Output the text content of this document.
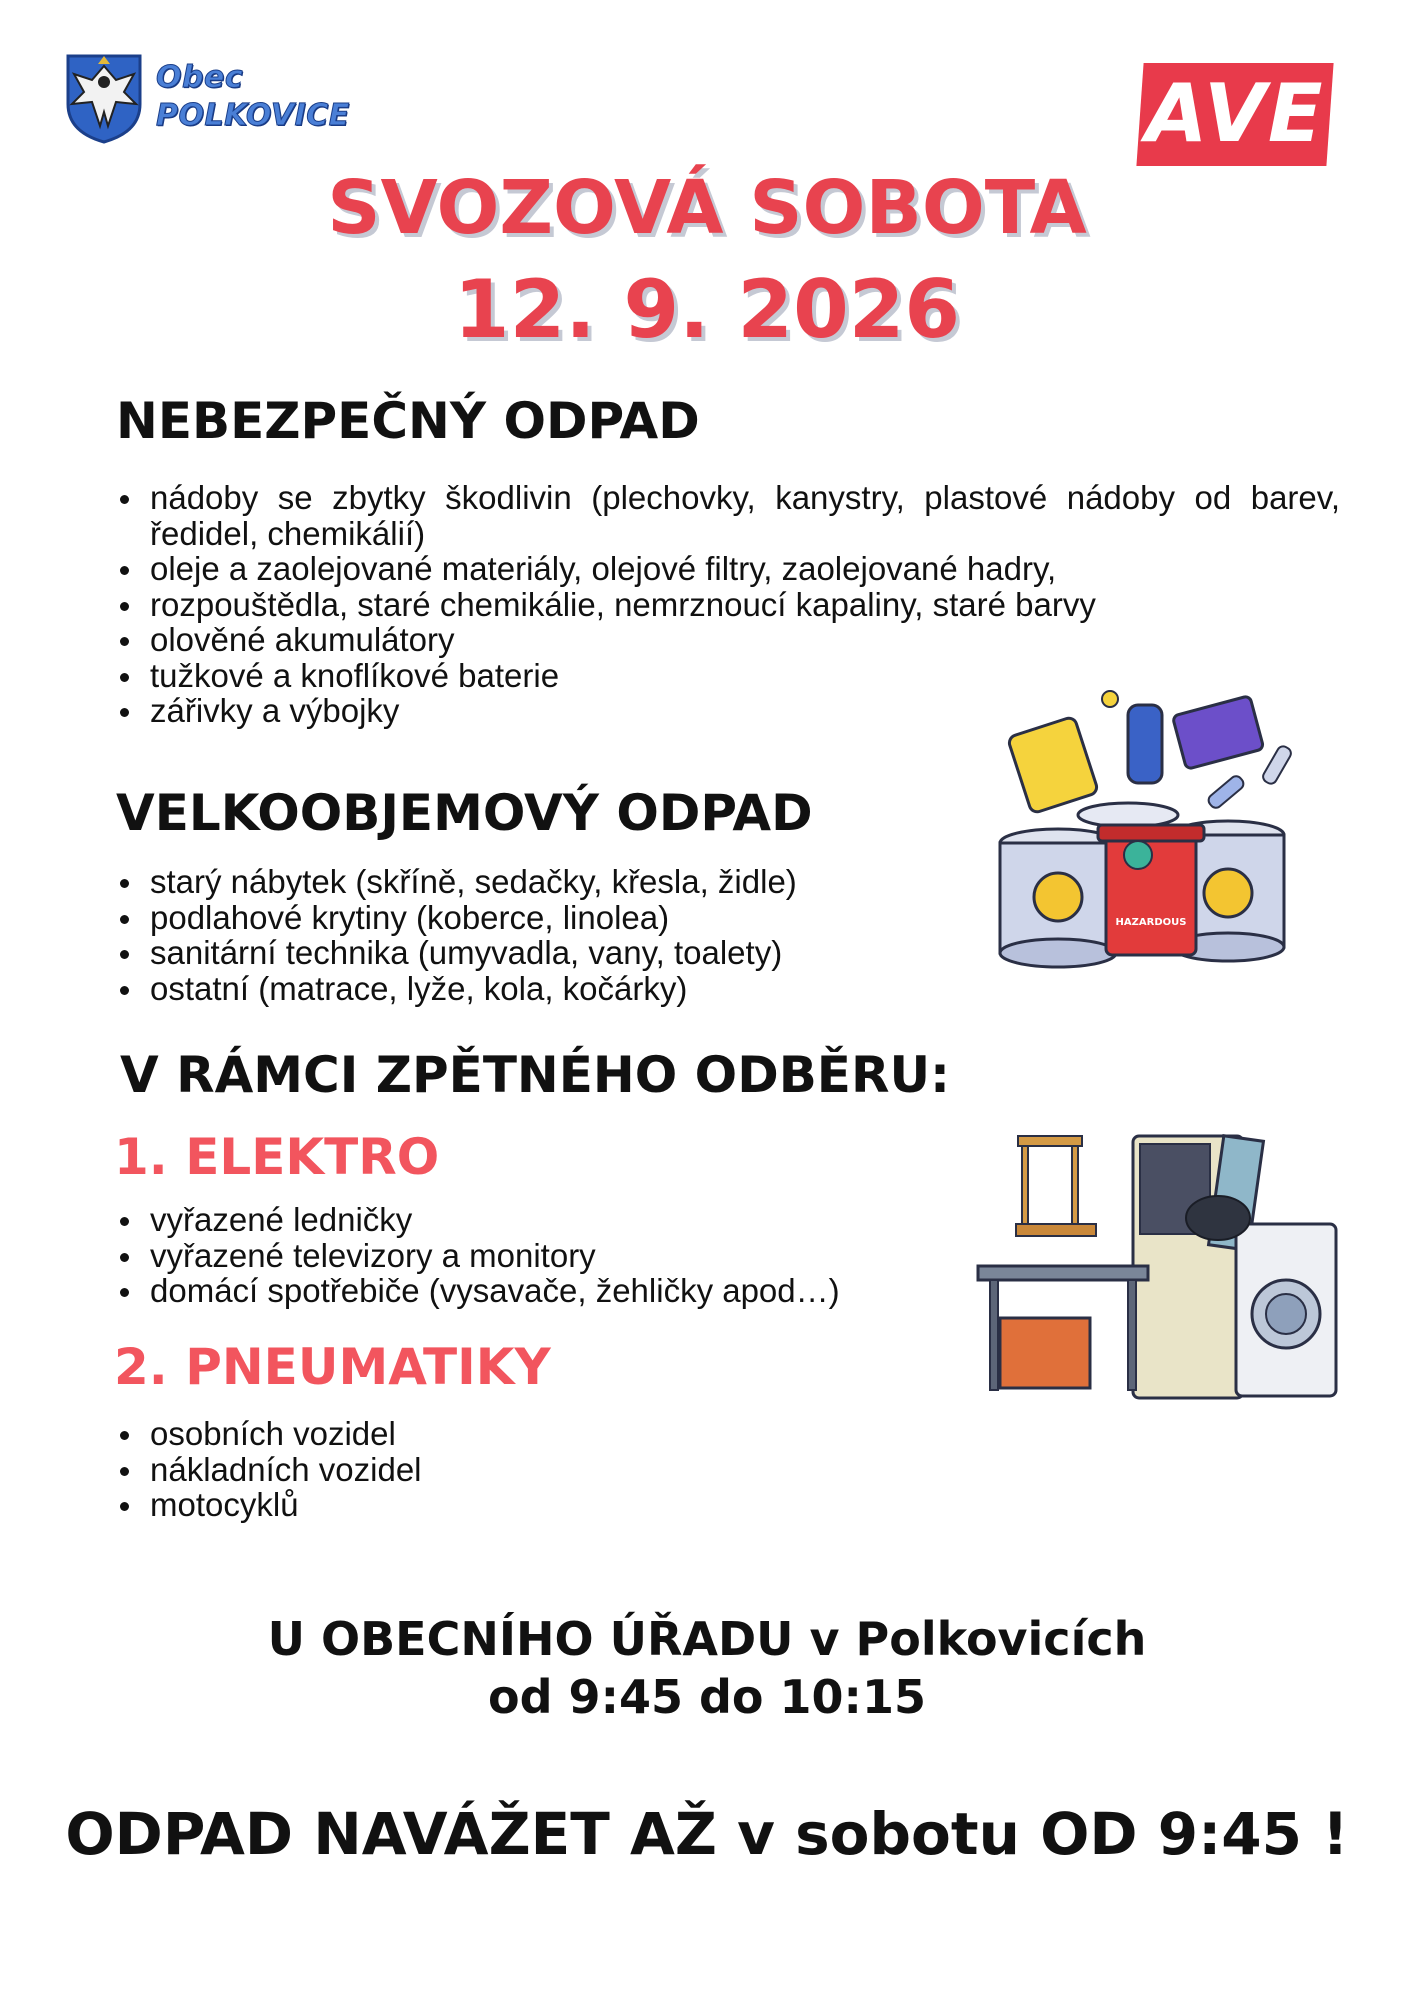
Obec
POLKOVICE	AVE
SVOZOVÁ SOBOTA
12. 9. 2026
NEBEZPEČNÝ ODPAD
nádoby se zbytky škodlivin (plechovky, kanystry, plastové nádoby od barev, ředidel, chemikálií)
oleje a zaolejované materiály, olejové filtry, zaolejované hadry,
rozpouštědla, staré chemikálie, nemrznoucí kapaliny, staré barvy
olověné akumulátory
tužkové a knoflíkové baterie
zářivky a výbojky
HAZARDOUS
VELKOOBJEMOVÝ ODPAD
starý nábytek (skříně, sedačky, křesla, židle)
podlahové krytiny (koberce, linolea)
sanitární technika (umyvadla, vany, toalety)
ostatní (matrace, lyže, kola, kočárky)
V RÁMCI ZPĚTNÉHO ODBĚRU:
1. ELEKTRO
vyřazené ledničky
vyřazené televizory a monitory
domácí spotřebiče (vysavače, žehličky apod…)
2. PNEUMATIKY
osobních vozidel
nákladních vozidel
motocyklů
U OBECNÍHO ÚŘADU v Polkovicích
od 9:45 do 10:15
ODPAD NAVÁŽET AŽ v sobotu OD 9:45 !
